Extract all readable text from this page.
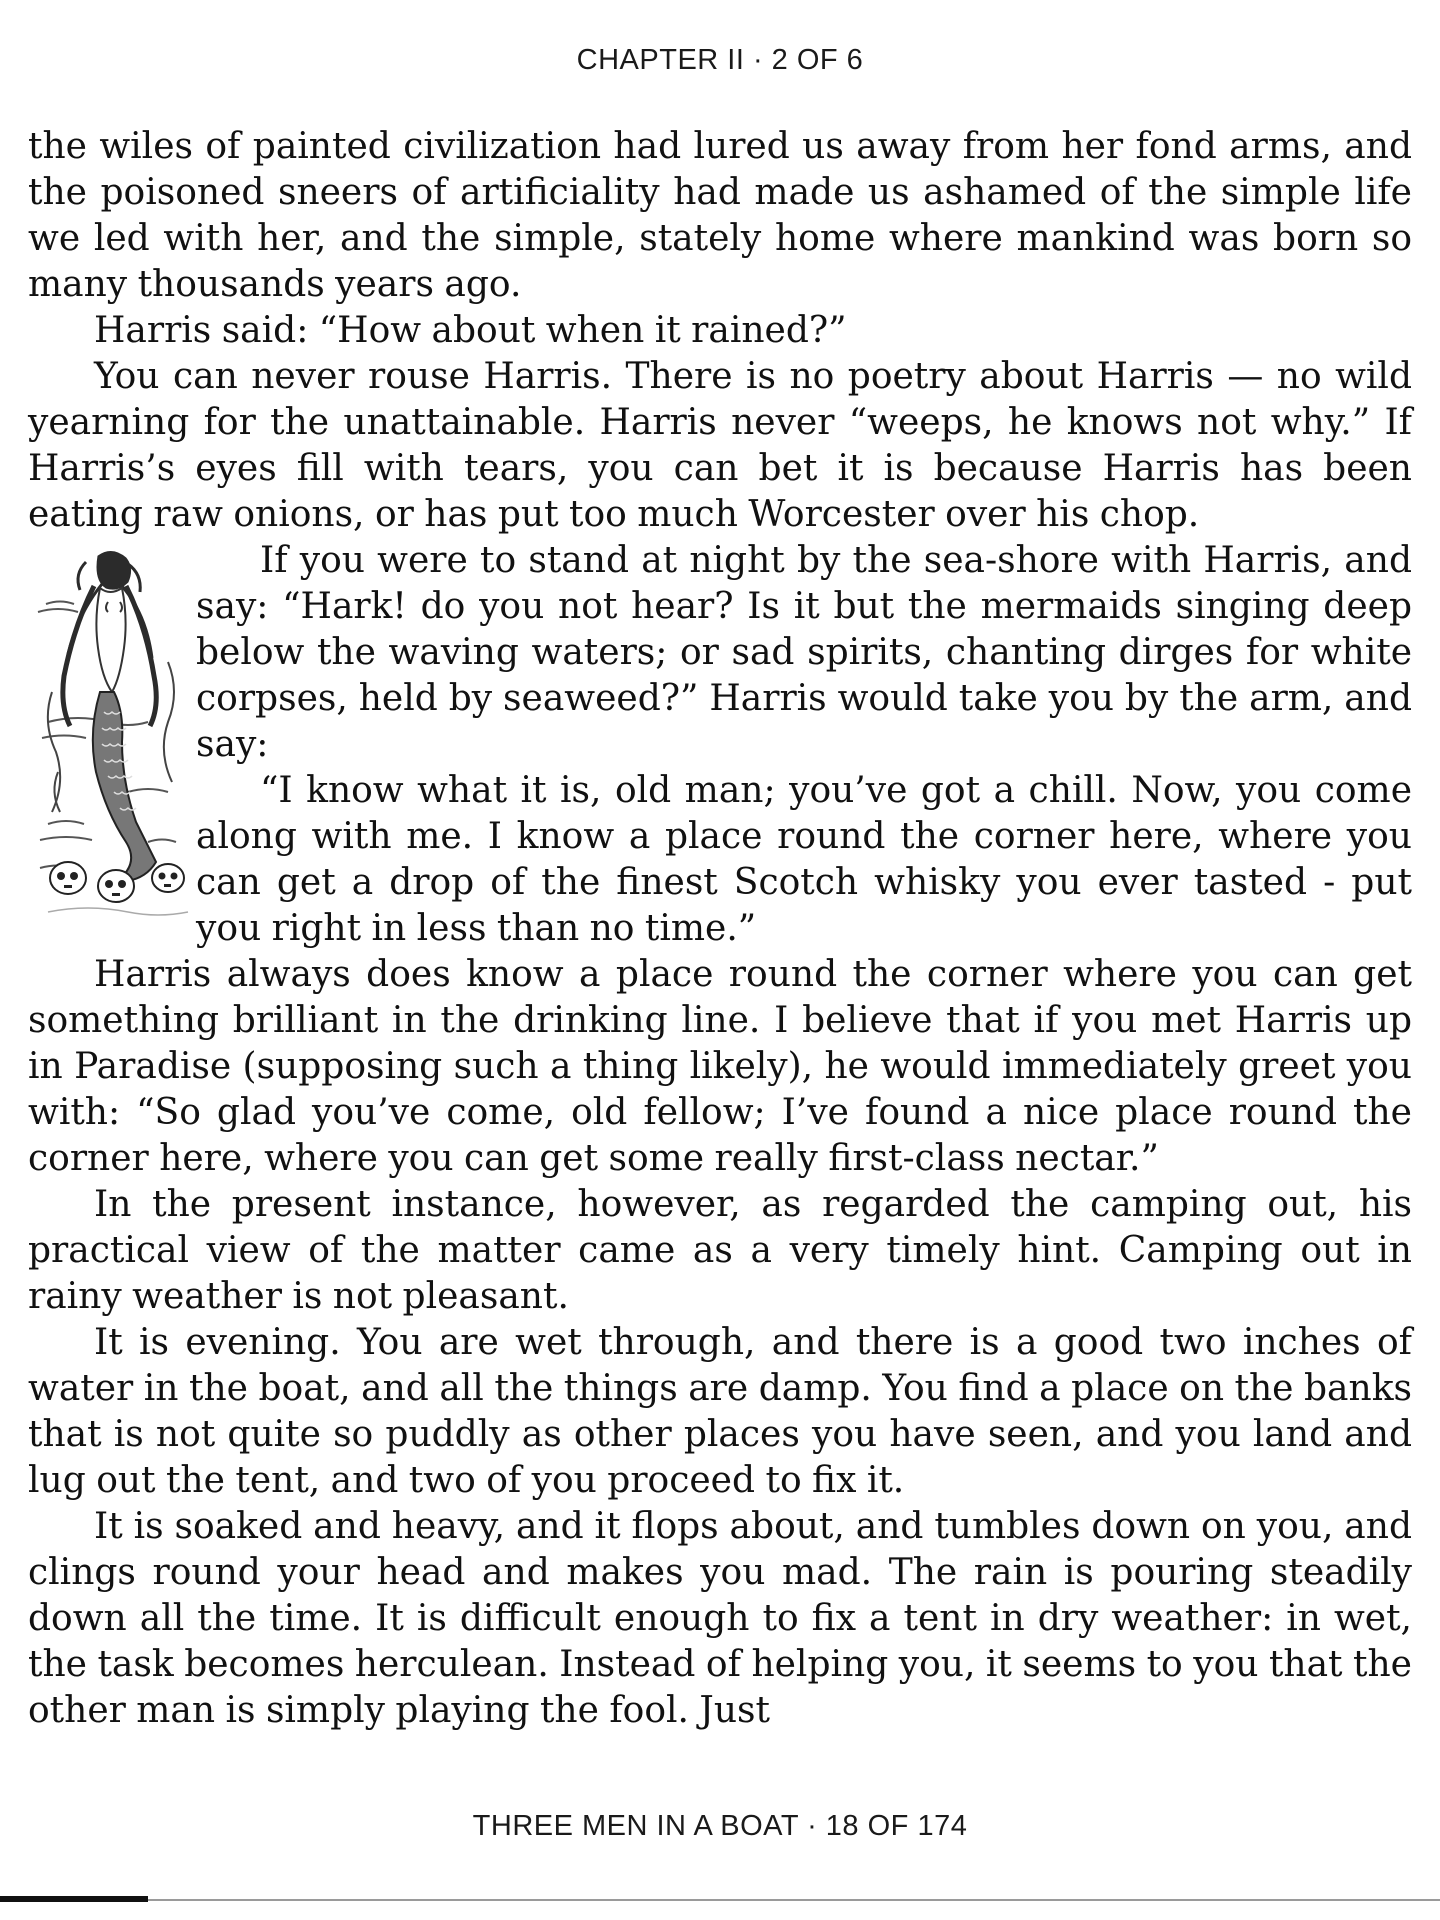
CHAPTER II · 2 OF 6

the wiles of painted civilization had lured us away from her fond arms, and the poisoned sneers of artificiality had made us ashamed of the simple life we led with her, and the simple, stately home where mankind was born so many thousands years ago.

Harris said: “How about when it rained?”

You can never rouse Harris. There is no poetry about Harris — no wild yearning for the unattainable. Harris never “weeps, he knows not why.” If Harris’s eyes fill with tears, you can bet it is because Harris has been eating raw onions, or has put too much Worcester over his chop.

If you were to stand at night by the sea-shore with Harris, and say: “Hark! do you not hear? Is it but the mermaids singing deep below the waving waters; or sad spirits, chanting dirges for white corpses, held by seaweed?” Harris would take you by the arm, and say:

“I know what it is, old man; you’ve got a chill. Now, you come along with me. I know a place round the corner here, where you can get a drop of the finest Scotch whisky you ever tasted - put you right in less than no time.”

Harris always does know a place round the corner where you can get something brilliant in the drinking line. I believe that if you met Harris up in Paradise (supposing such a thing likely), he would immediately greet you with: “So glad you’ve come, old fellow; I’ve found a nice place round the corner here, where you can get some really first-class nectar.”

In the present instance, however, as regarded the camping out, his practical view of the matter came as a very timely hint. Camping out in rainy weather is not pleasant.

It is evening. You are wet through, and there is a good two inches of water in the boat, and all the things are damp. You find a place on the banks that is not quite so puddly as other places you have seen, and you land and lug out the tent, and two of you proceed to fix it.

It is soaked and heavy, and it flops about, and tumbles down on you, and clings round your head and makes you mad. The rain is pouring steadily down all the time. It is difficult enough to fix a tent in dry weather: in wet, the task becomes herculean. Instead of helping you, it seems to you that the other man is simply playing the fool. Just

THREE MEN IN A BOAT · 18 OF 174
